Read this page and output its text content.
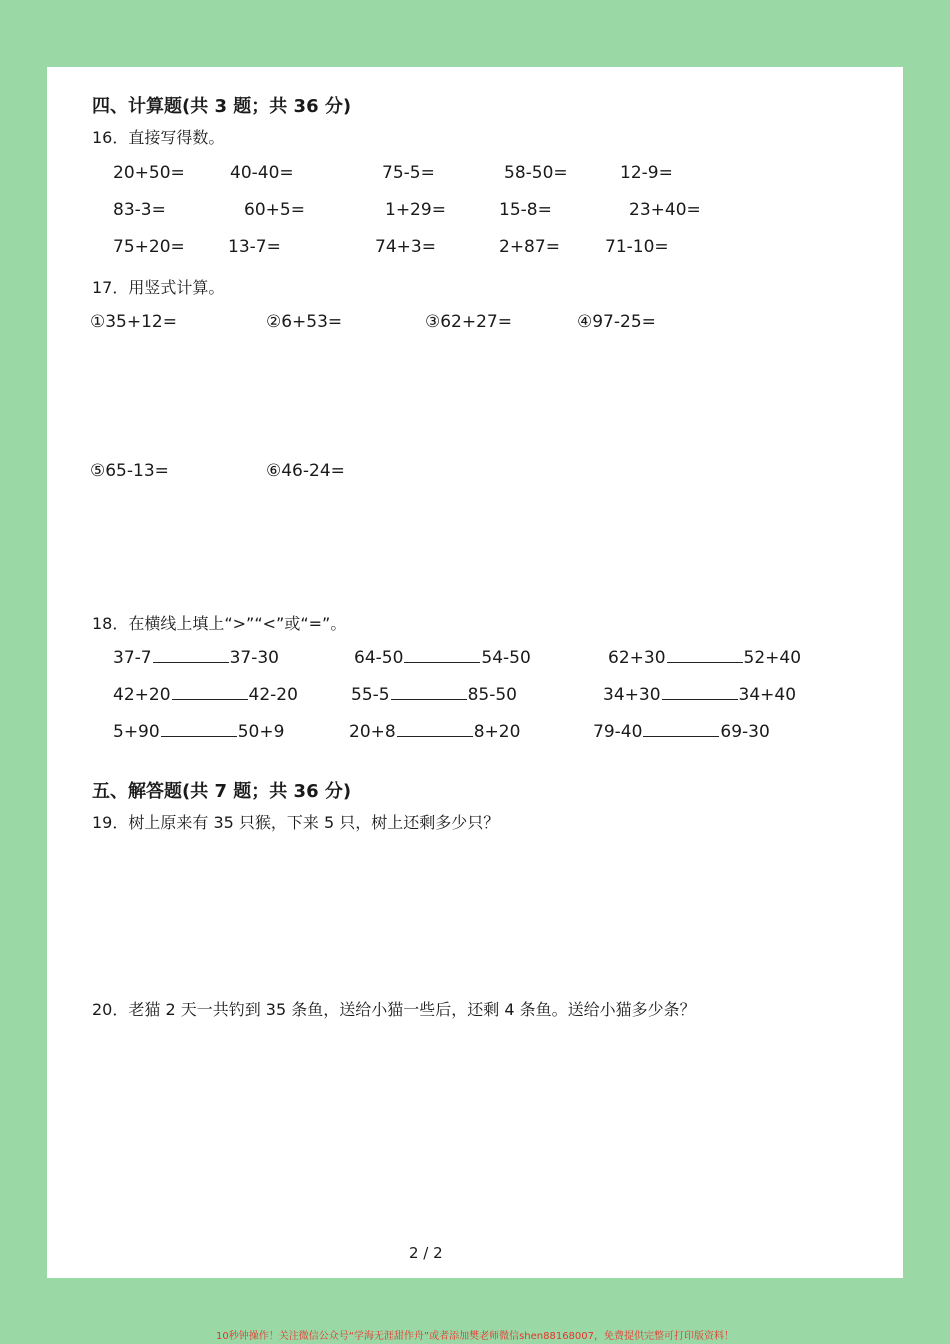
四、计算题(共 3 题；共 36 分)
16．直接写得数。
20+50=	40-40=	75-5=	58-50=	12-9=
83-3=	60+5=	1+29=	15-8=	23+40=
75+20=	13-7=	74+3=	2+87=	71-10=
17．用竖式计算。
①35+12=	②6+53=	③62+27=	④97-25=
⑤65-13=	⑥46-24=
18．在横线上填上“>”“<”或“=”。
37-7	37-30	64-50	54-50	62+30	52+40
42+20	42-20	55-5	85-50	34+30	34+40
5+90	50+9	20+8	8+20	79-40	69-30
五、解答题(共 7 题；共 36 分)
19．树上原来有 35 只猴，下来 5 只，树上还剩多少只？
20．老猫 2 天一共钓到 35 条鱼，送给小猫一些后，还剩 4 条鱼。送给小猫多少条？
2 / 2
10秒钟操作！关注微信公众号“学海无涯甜作舟”或者添加樊老师微信shen88168007，免费提供完整可打印版资料！
